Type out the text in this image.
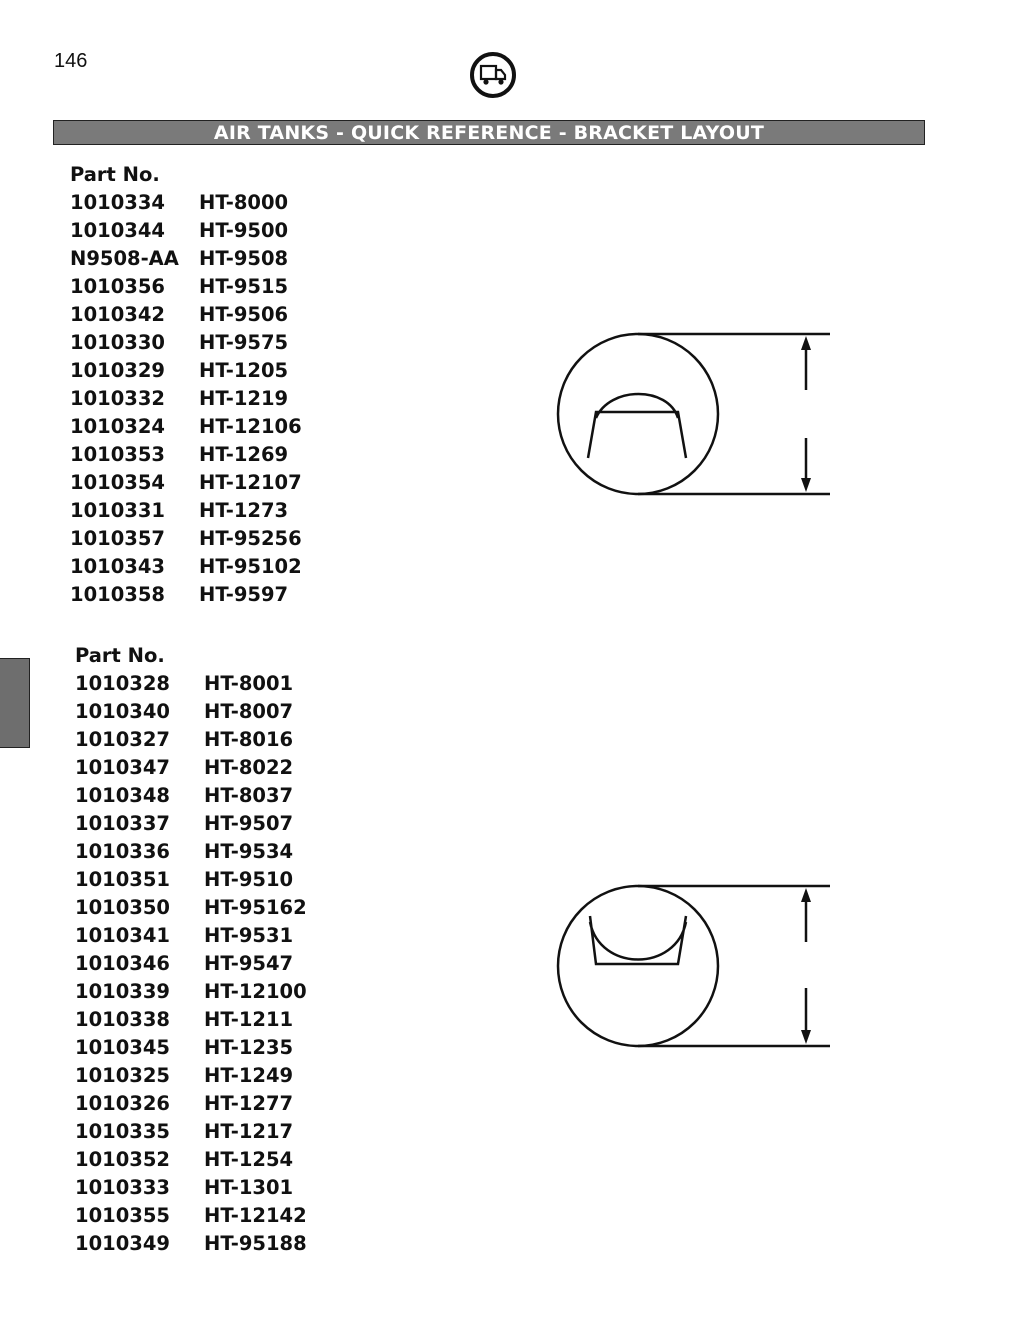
146
AIR TANKS - QUICK REFERENCE - BRACKET LAYOUT
Part No.
1010334	HT-8000
1010344	HT-9500
N9508-AA	HT-9508
1010356	HT-9515
1010342	HT-9506
1010330	HT-9575
1010329	HT-1205
1010332	HT-1219
1010324	HT-12106
1010353	HT-1269
1010354	HT-12107
1010331	HT-1273
1010357	HT-95256
1010343	HT-95102
1010358	HT-9597
Part No.
1010328	HT-8001
1010340	HT-8007
1010327	HT-8016
1010347	HT-8022
1010348	HT-8037
1010337	HT-9507
1010336	HT-9534
1010351	HT-9510
1010350	HT-95162
1010341	HT-9531
1010346	HT-9547
1010339	HT-12100
1010338	HT-1211
1010345	HT-1235
1010325	HT-1249
1010326	HT-1277
1010335	HT-1217
1010352	HT-1254
1010333	HT-1301
1010355	HT-12142
1010349	HT-95188
